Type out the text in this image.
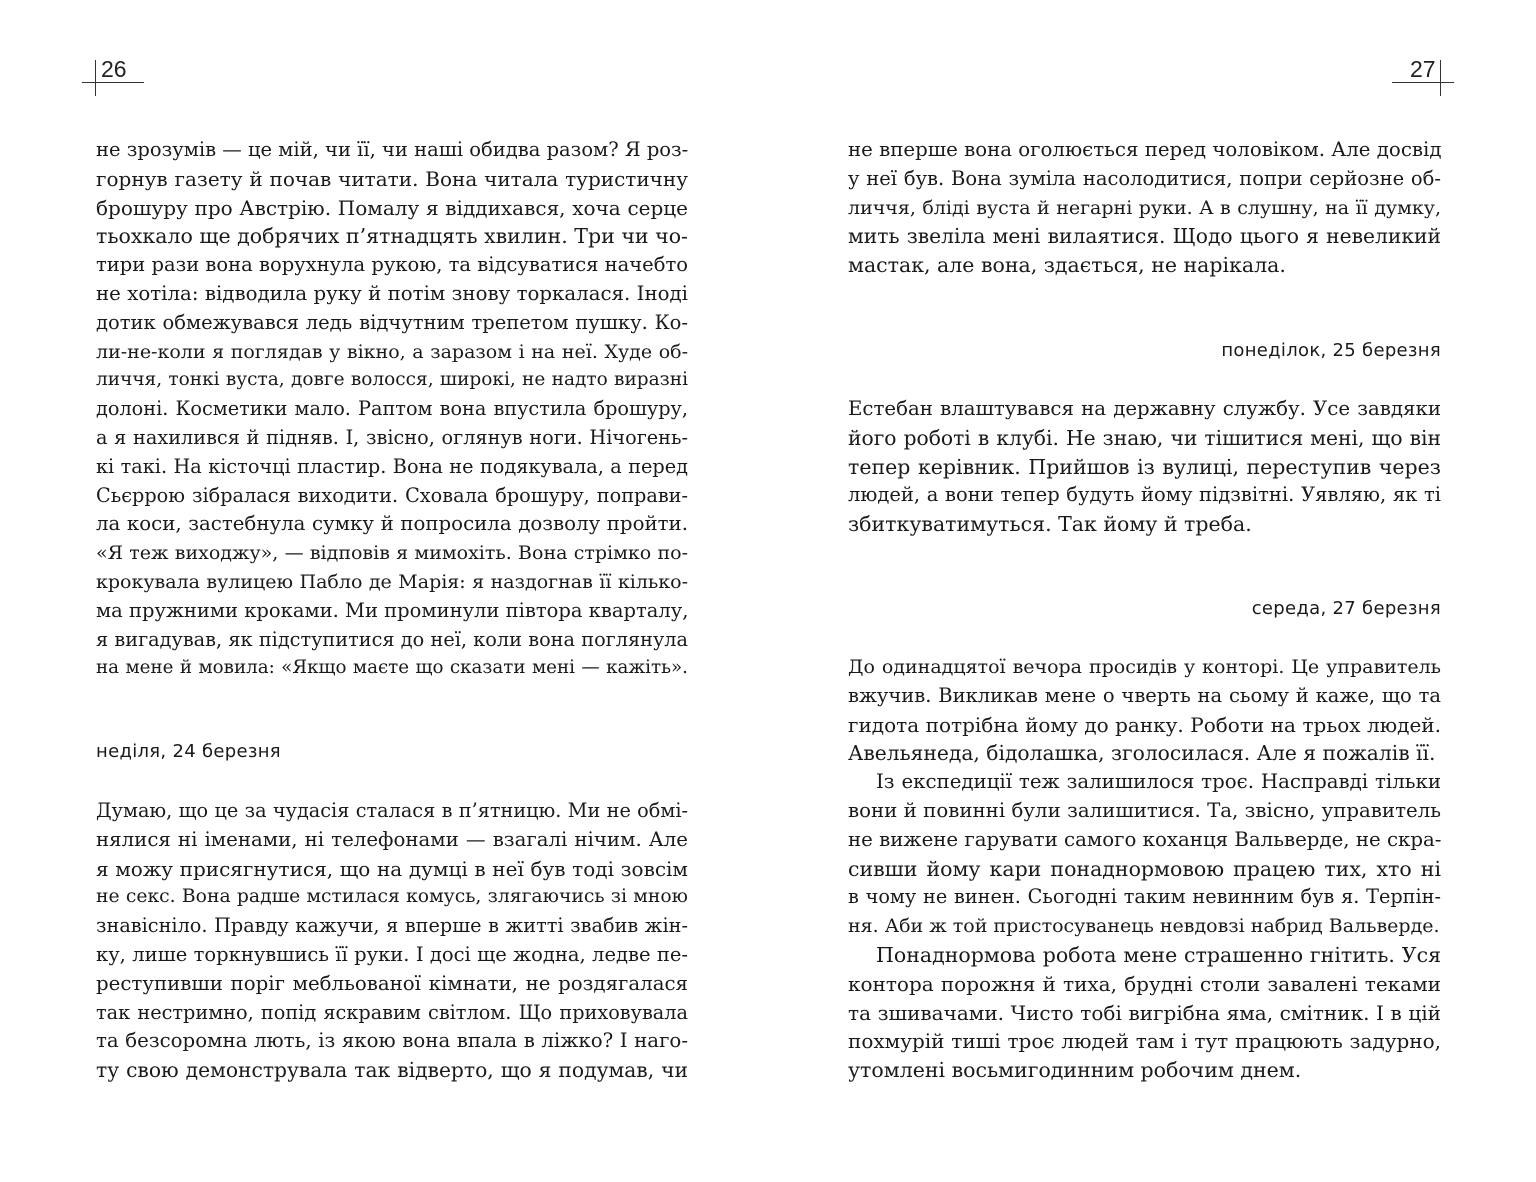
26
не зрозумів — це мій, чи її, чи наші обидва разом? Я роз-
горнув газету й почав читати. Вона читала туристичну
брошуру про Австрію. Помалу я віддихався, хоча серце
тьохкало ще добрячих п’ятнадцять хвилин. Три чи чо-
тири рази вона ворухнула рукою, та відсуватися начебто
не хотіла: відводила руку й потім знову торкалася. Іноді
дотик обмежувався ледь відчутним трепетом пушку. Ко-
ли-не-коли я поглядав у вікно, а заразом і на неї. Худе об-
личчя, тонкі вуста, довге волосся, широкі, не надто виразні
долоні. Косметики мало. Раптом вона впустила брошуру,
а я нахилився й підняв. І, звісно, оглянув ноги. Нічогень-
кі такі. На кісточці пластир. Вона не подякувала, а перед
Сьєррою зібралася виходити. Сховала брошуру, поправи-
ла коси, застебнула сумку й попросила дозволу пройти.
«Я теж виходжу», — відповів я мимохіть. Вона стрімко по-
крокувала вулицею Пабло де Марія: я наздогнав її кілько-
ма пружними кроками. Ми проминули півтора кварталу,
я вигадував, як підступитися до неї, коли вона поглянула
на мене й мовила: «Якщо маєте що сказати мені — кажіть».
неділя, 24 березня
Думаю, що це за чудасія сталася в п’ятницю. Ми не обмі-
нялися ні іменами, ні телефонами — взагалі нічим. Але
я можу присягнутися, що на думці в неї був тоді зовсім
не секс. Вона радше мстилася комусь, злягаючись зі мною
знавісніло. Правду кажучи, я вперше в житті звабив жін-
ку, лише торкнувшись її руки. І досі ще жодна, ледве пе-
реступивши поріг мебльованої кімнати, не роздягалася
так нестримно, попід яскравим світлом. Що приховувала
та безсоромна лють, із якою вона впала в ліжко? І наго-
ту свою демонструвала так відверто, що я подумав, чи
27
не вперше вона оголюється перед чоловіком. Але досвід
у неї був. Вона зуміла насолодитися, попри серйозне об-
личчя, бліді вуста й негарні руки. А в слушну, на її думку,
мить звеліла мені вилаятися. Щодо цього я невеликий
мастак, але вона, здається, не нарікала.
понеділок, 25 березня
Естебан влаштувався на державну службу. Усе завдяки
його роботі в клубі. Не знаю, чи тішитися мені, що він
тепер керівник. Прийшов із вулиці, переступив через
людей, а вони тепер будуть йому підзвітні. Уявляю, як ті
збиткуватимуться. Так йому й треба.
середа, 27 березня
До одинадцятої вечора просидів у конторі. Це управитель
вжучив. Викликав мене о чверть на сьому й каже, що та
гидота потрібна йому до ранку. Роботи на трьох людей.
Авельянеда, бідолашка, зголосилася. Але я пожалів її.
Із експедиції теж залишилося троє. Насправді тільки
вони й повинні були залишитися. Та, звісно, управитель
не вижене гарувати самого коханця Вальверде, не скра-
сивши йому кари понаднормовою працею тих, хто ні
в чому не винен. Сьогодні таким невинним був я. Терпін-
ня. Аби ж той пристосуванець невдовзі набрид Вальверде.
Понаднормова робота мене страшенно гнітить. Уся
контора порожня й тиха, брудні столи завалені теками
та зшивачами. Чисто тобі вигрібна яма, смітник. І в цій
похмурій тиші троє людей там і тут працюють задурно,
утомлені восьмигодинним робочим днем.
